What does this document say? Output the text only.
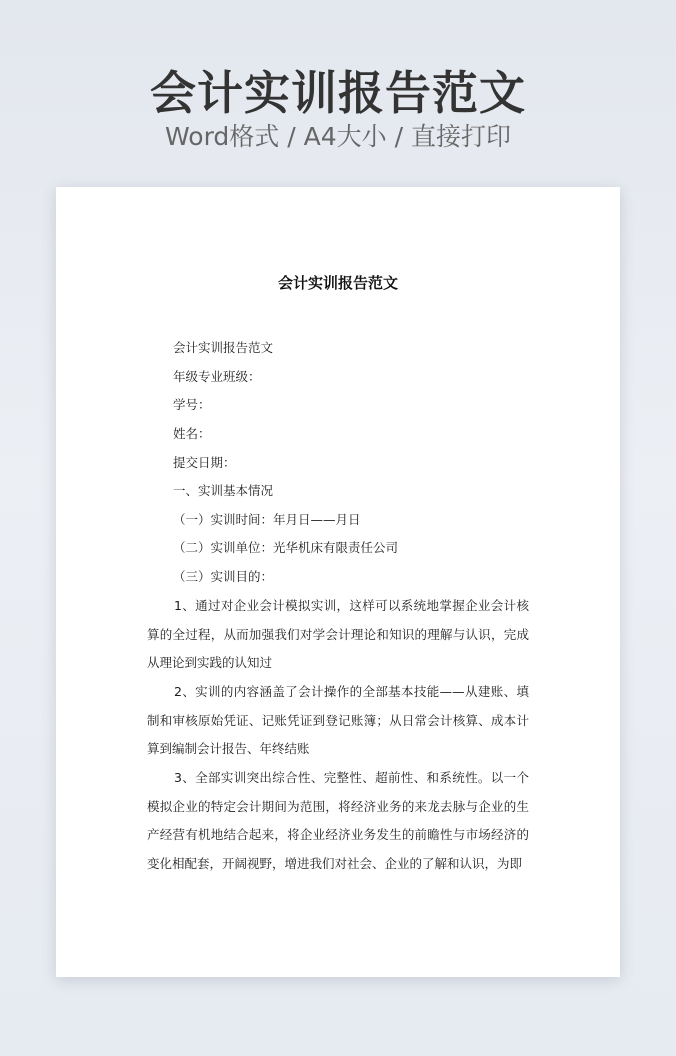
会计实训报告范文
Word格式 / A4大小 / 直接打印
会计实训报告范文
会计实训报告范文
年级专业班级：
学号：
姓名：
提交日期：
一、实训基本情况
（一）实训时间：年月日——月日
（二）实训单位：光华机床有限责任公司
（三）实训目的：
1、通过对企业会计模拟实训，这样可以系统地掌握企业会计核算的全过程，从而加强我们对学会计理论和知识的理解与认识，完成从理论到实践的认知过
2、实训的内容涵盖了会计操作的全部基本技能——从建账、填制和审核原始凭证、记账凭证到登记账簿；从日常会计核算、成本计算到编制会计报告、年终结账
3、全部实训突出综合性、完整性、超前性、和系统性。以一个模拟企业的特定会计期间为范围，将经济业务的来龙去脉与企业的生产经营有机地结合起来，将企业经济业务发生的前瞻性与市场经济的变化相配套，开阔视野，增进我们对社会、企业的了解和认识，为即
